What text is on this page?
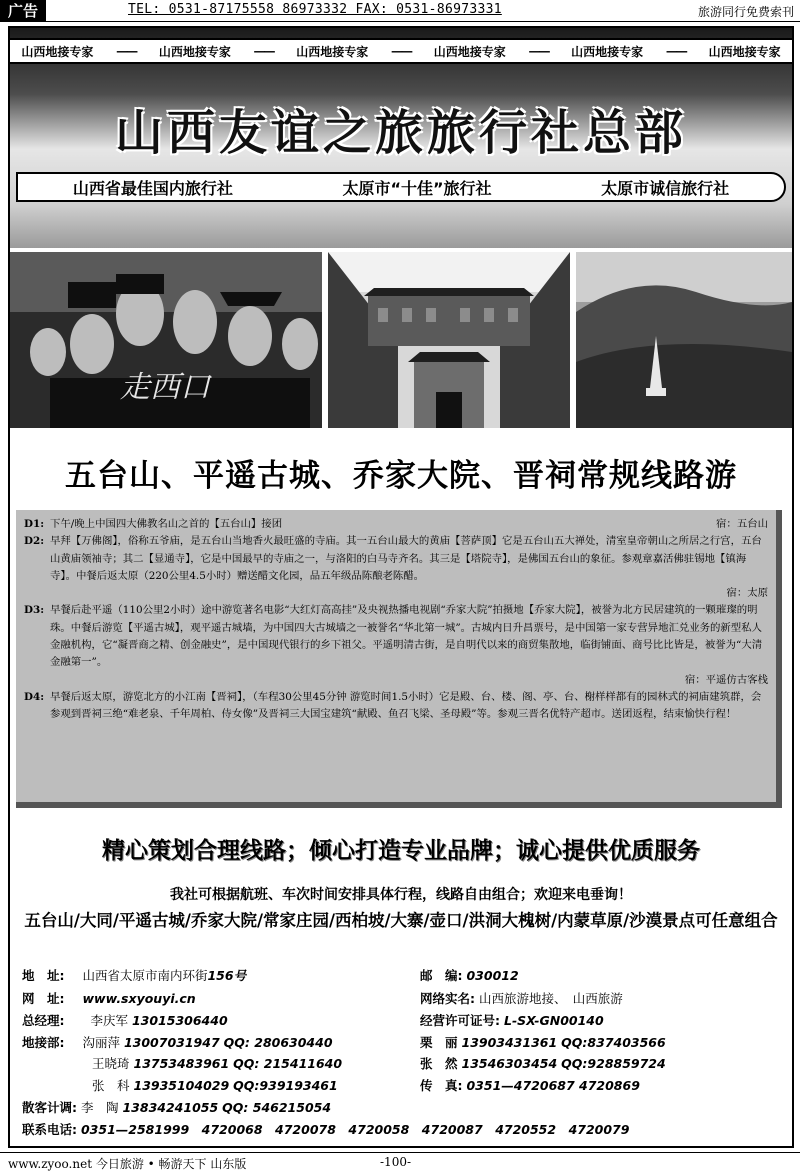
广告	TEL: 0531-87175558 86973332 FAX: 0531-86973331	旅游同行免费索刊
山西地接专家 —— 山西地接专家 —— 山西地接专家 —— 山西地接专家 —— 山西地接专家 —— 山西地接专家
山西友谊之旅旅行社总部
山西省最佳国内旅行社	太原市“十佳”旅行社	太原市诚信旅行社
走西口
五台山、平遥古城、乔家大院、晋祠常规线路游
D1: 下午/晚上中国四大佛教名山之首的【五台山】接团	宿：五台山
D2: 早拜【万佛阁】，俗称五爷庙，是五台山当地香火最旺盛的寺庙。其一五台山最大的黄庙【菩萨顶】它是五台山五大禅处，清室皇帝朝山之所居之行宫，五台山黄庙领袖寺；其二【显通寺】，它是中国最早的寺庙之一，与洛阳的白马寺齐名。其三是【塔院寺】，是佛国五台山的象征。参观章嘉活佛驻锡地【镇海寺】。中餐后返太原（220公里4.5小时）赠送醋文化园，品五年级品陈酿老陈醋。
宿：太原
D3: 早餐后赴平遥（110公里2小时）途中游览著名电影“大红灯高高挂”及央视热播电视剧“乔家大院”拍摄地【乔家大院】，被誉为北方民居建筑的一颗璀璨的明珠。中餐后游览【平遥古城】，观平遥古城墙，为中国四大古城墙之一被誉名“华北第一城”。古城内日升昌票号，是中国第一家专营异地汇兑业务的新型私人金融机构，它“凝晋商之精、创金融史”，是中国现代银行的乡下祖父。平遥明清古街，是自明代以来的商贸集散地，临街铺面、商号比比皆是，被誉为“大清金融第一”。
宿：平遥仿古客栈
D4: 早餐后返太原，游览北方的小江南【晋祠】，（车程30公里45分钟 游览时间1.5小时）它是殿、台、楼、阁、亭、台、榭样样都有的园林式的祠庙建筑群，会参观到晋祠三绝“难老泉、千年周柏、侍女像”及晋祠三大国宝建筑“献殿、鱼召飞梁、圣母殿”等。参观三晋名优特产超市。送团返程，结束愉快行程！
精心策划合理线路；倾心打造专业品牌；诚心提供优质服务
我社可根据航班、车次时间安排具体行程，线路自由组合；欢迎来电垂询！
五台山/大同/平遥古城/乔家大院/常家庄园/西柏坡/大寨/壶口/洪洞大槐树/内蒙草原/沙漠景点可任意组合
地　址: 山西省太原市南内环街156号	邮　编: 030012
网　址: www.sxyouyi.cn	网络实名: 山西旅游地接、　山西旅游
总经理: 李庆军 13015306440	经营许可证号: L-SX-GN00140
地接部: 沟丽萍 13007031947 QQ: 280630440	栗　丽 13903431361 QQ:837403566
王晓琦 13753483961 QQ: 215411640	张　然 13546303454 QQ:928859724
张　科 13935104029 QQ:939193461	传　真: 0351—4720687 4720869
散客计调: 李　陶 13834241055 QQ: 546215054
联系电话: 0351—2581999　4720068　4720078　4720058　4720087　4720552　4720079
www.zyoo.net 今日旅游 • 畅游天下 山东版	-100-
